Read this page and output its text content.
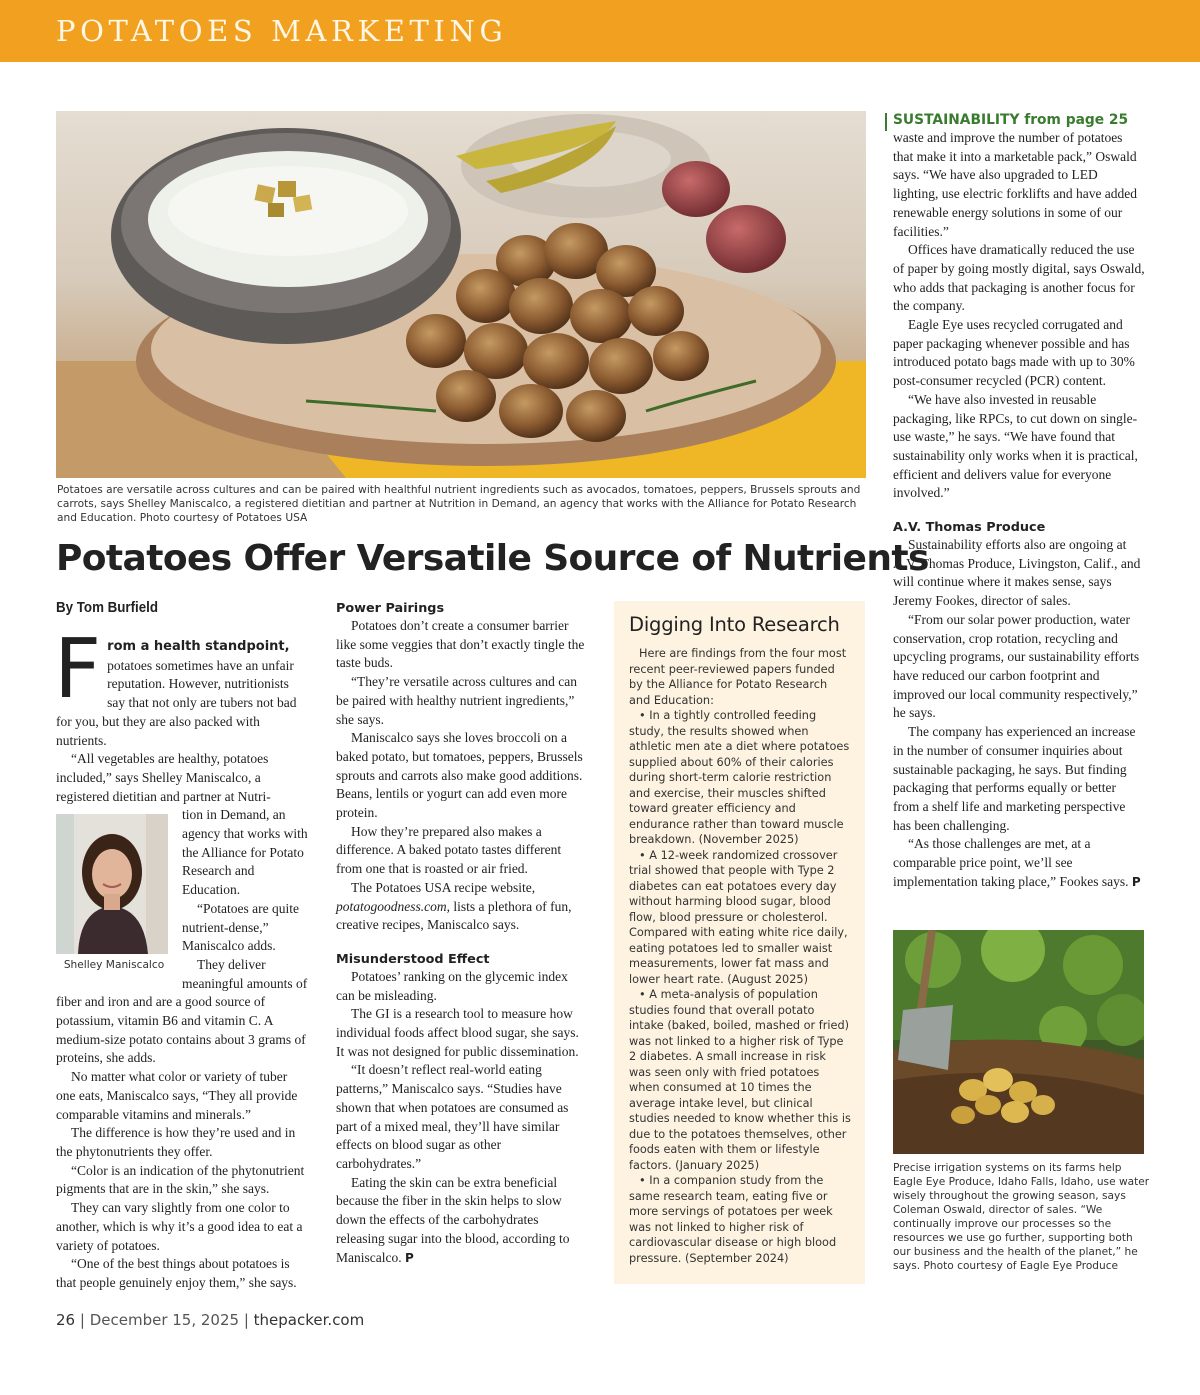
POTATOES MARKETING
Potatoes are versatile across cultures and can be paired with healthful nutrient ingredients such as avocados, tomatoes, peppers, Brussels sprouts and carrots, says Shelley Maniscalco, a registered dietitian and partner at Nutrition in Demand, an agency that works with the Alliance for Potato Research and Education. Photo courtesy of Potatoes USA
Potatoes Offer Versatile Source of Nutrients
By Tom Burfield

From a health standpoint, potatoes sometimes have an unfair reputation. However, nutritionists say that not only are tubers not bad for you, but they are also packed with nutrients.

“All vegetables are healthy, potatoes included,” says Shelley Maniscalco, a registered dietitian and partner at Nutri-

Shelley Maniscalco

tion in Demand, an agency that works with the Alliance for Potato Research and Education.

“Potatoes are quite nutrient-dense,” Maniscalco adds.

They deliver meaningful amounts of fiber and iron and are a good source of potassium, vitamin B6 and vitamin C. A medium-size potato contains about 3 grams of proteins, she adds.

No matter what color or variety of tuber one eats, Maniscalco says, “They all provide comparable vitamins and minerals.”

The difference is how they’re used and in the phytonutrients they offer.

“Color is an indication of the phytonutrient pigments that are in the skin,” she says.

They can vary slightly from one color to another, which is why it’s a good idea to eat a variety of potatoes.

“One of the best things about potatoes is that people genuinely enjoy them,” she says.

Power Pairings

Potatoes don’t create a consumer barrier like some veggies that don’t exactly tingle the taste buds.

“They’re versatile across cultures and can be paired with healthy nutrient ingredients,” she says.

Maniscalco says she loves broccoli on a baked potato, but tomatoes, peppers, Brussels sprouts and carrots also make good additions. Beans, lentils or yogurt can add even more protein.

How they’re prepared also makes a difference. A baked potato tastes different from one that is roasted or air fried.

The Potatoes USA recipe website, potatogoodness.com, lists a plethora of fun, creative recipes, Maniscalco says.

Misunderstood Effect

Potatoes’ ranking on the glycemic index can be misleading.

The GI is a research tool to measure how individual foods affect blood sugar, she says. It was not designed for public dissemination.

“It doesn’t reflect real-world eating patterns,” Maniscalco says. “Studies have shown that when potatoes are consumed as part of a mixed meal, they’ll have similar effects on blood sugar as other carbohydrates.”

Eating the skin can be extra beneficial because the fiber in the skin helps to slow down the effects of the carbohydrates releasing sugar into the blood, according to Maniscalco. P

Digging Into Research

Here are findings from the four most recent peer-reviewed papers funded by the Alliance for Potato Research and Education:

• In a tightly controlled feeding study, the results showed when athletic men ate a diet where potatoes supplied about 60% of their calories during short-term calorie restriction and exercise, their muscles shifted toward greater efficiency and endurance rather than toward muscle breakdown. (November 2025)

• A 12-week randomized crossover trial showed that people with Type 2 diabetes can eat potatoes every day without harming blood sugar, blood flow, blood pressure or cholesterol. Compared with eating white rice daily, eating potatoes led to smaller waist measurements, lower fat mass and lower heart rate. (August 2025)

• A meta-analysis of population studies found that overall potato intake (baked, boiled, mashed or fried) was not linked to a higher risk of Type 2 diabetes. A small increase in risk was seen only with fried potatoes when consumed at 10 times the average intake level, but clinical studies needed to know whether this is due to the potatoes themselves, other foods eaten with them or lifestyle factors. (January 2025)

• In a companion study from the same research team, eating five or more servings of potatoes per week was not linked to higher risk of cardiovascular disease or high blood pressure. (September 2024)

SUSTAINABILITY from page 25

waste and improve the number of potatoes that make it into a marketable pack,” Oswald says. “We have also upgraded to LED lighting, use electric forklifts and have added renewable energy solutions in some of our facilities.”

Offices have dramatically reduced the use of paper by going mostly digital, says Oswald, who adds that packaging is another focus for the company.

Eagle Eye uses recycled corrugated and paper packaging whenever possible and has introduced potato bags made with up to 30% post-consumer recycled (PCR) content.

“We have also invested in reusable packaging, like RPCs, to cut down on single-use waste,” he says. “We have found that sustainability only works when it is practical, efficient and delivers value for everyone involved.”

A.V. Thomas Produce

Sustainability efforts also are ongoing at A.V. Thomas Produce, Livingston, Calif., and will continue where it makes sense, says Jeremy Fookes, director of sales.

“From our solar power production, water conservation, crop rotation, recycling and upcycling programs, our sustainability efforts have reduced our carbon footprint and improved our local community respectively,” he says.

The company has experienced an increase in the number of consumer inquiries about sustainable packaging, he says. But finding packaging that performs equally or better from a shelf life and marketing perspective has been challenging.

“As those challenges are met, at a comparable price point, we’ll see implementation taking place,” Fookes says. P

Precise irrigation systems on its farms help Eagle Eye Produce, Idaho Falls, Idaho, use water wisely throughout the growing season, says Coleman Oswald, director of sales. “We continually improve our processes so the resources we use go further, supporting both our business and the health of the planet,” he says. Photo courtesy of Eagle Eye Produce
26 | December 15, 2025 | thepacker.com
